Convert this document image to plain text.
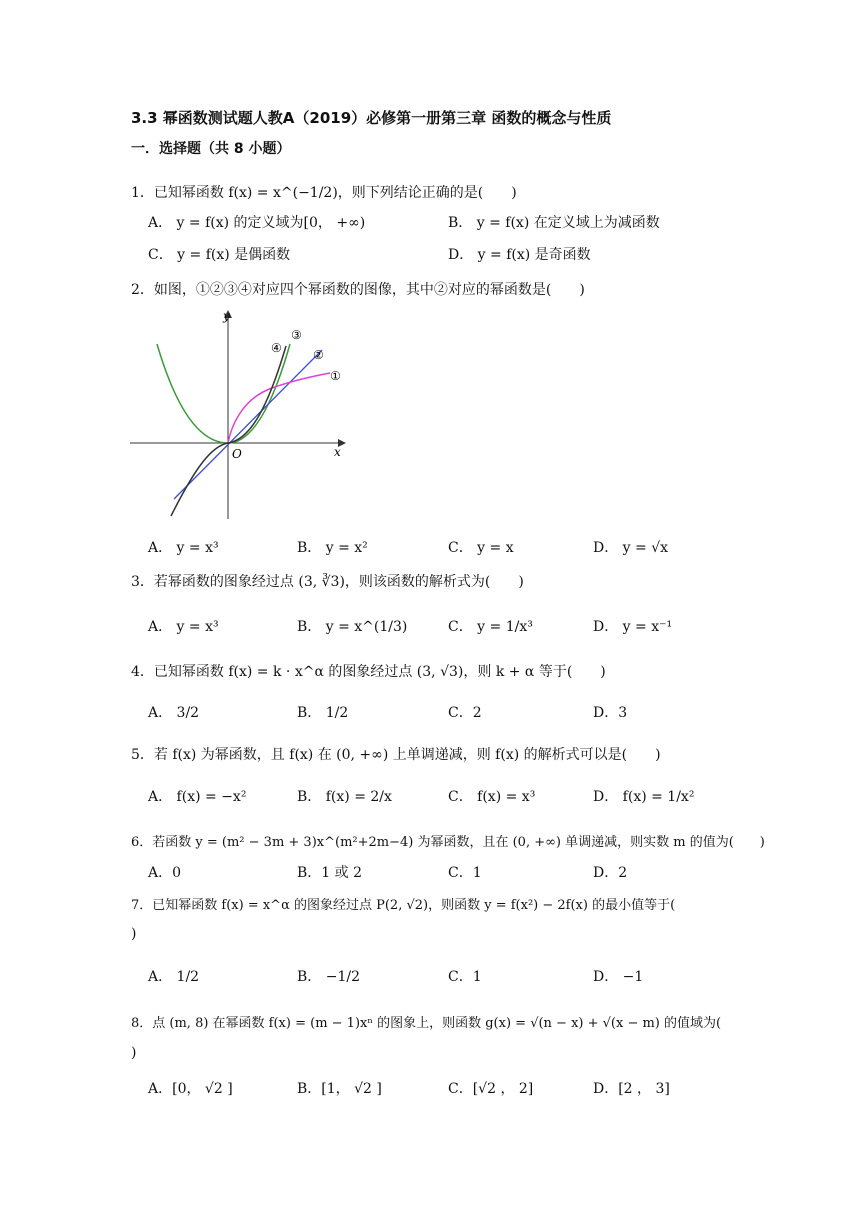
3.3 幂函数测试题人教A（2019）必修第一册第三章 函数的概念与性质
一．选择题（共 8 小题）
1．已知幂函数 f(x) = x^(−1/2)，则下列结论正确的是(　　)
A． y = f(x) 的定义域为[0， +∞)	B． y = f(x) 在定义域上为减函数
C． y = f(x) 是偶函数	D． y = f(x) 是奇函数
2．如图，①②③④对应四个幂函数的图像，其中②对应的幂函数是(　　)
x
y
O
④
③
②
①
A． y = x³	B． y = x²	C． y = x	D． y = √x
3．若幂函数的图象经过点 (3, ∛3)，则该函数的解析式为(　　)
A． y = x³	B． y = x^(1/3)	C． y = 1/x³	D． y = x⁻¹
4．已知幂函数 f(x) = k · x^α 的图象经过点 (3, √3)，则 k + α 等于(　　)
A． 3/2	B． 1/2	C．2	D．3
5．若 f(x) 为幂函数，且 f(x) 在 (0, +∞) 上单调递减，则 f(x) 的解析式可以是(　　)
A． f(x) = −x²	B． f(x) = 2/x	C． f(x) = x³	D． f(x) = 1/x²
6．若函数 y = (m² − 3m + 3)x^(m²+2m−4) 为幂函数，且在 (0, +∞) 单调递减，则实数 m 的值为(　　)
A．0	B．1 或 2	C．1	D．2
7．已知幂函数 f(x) = x^α 的图象经过点 P(2, √2)，则函数 y = f(x²) − 2f(x) 的最小值等于(
)
A． 1/2	B． −1/2	C．1	D． −1
8．点 (m, 8) 在幂函数 f(x) = (m − 1)xⁿ 的图象上，则函数 g(x) = √(n − x) + √(x − m) 的值域为(
)
A．[0， √2 ]	B．[1， √2 ]	C．[√2 ， 2]	D．[2 ， 3]
